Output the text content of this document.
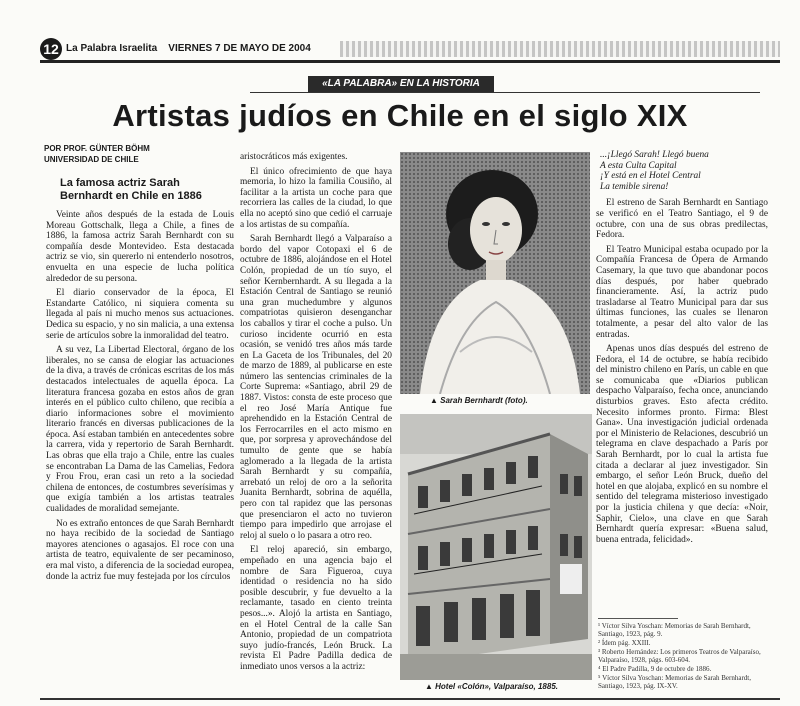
12 La Palabra Israelita VIERNES 7 DE MAYO DE 2004
«LA PALABRA» EN LA HISTORIA
Artistas judíos en Chile en el siglo XIX
POR PROF. GÜNTER BÖHM
UNIVERSIDAD DE CHILE
La famosa actriz Sarah Bernhardt en Chile en 1886

Veinte años después de la estada de Louis Moreau Gottschalk, llega a Chile, a fines de 1886, la famosa actriz Sarah Bernhardt con su compañía desde Montevideo. Esta destacada actriz se vio, sin quererlo ni entenderlo nosotros, envuelta en una especie de lucha política alrededor de su persona.

El diario conservador de la época, El Estandarte Católico, ni siquiera comenta su llegada al país ni mucho menos sus actuaciones. Dedica su espacio, y no sin malicia, a una extensa serie de artículos sobre la inmoralidad del teatro.

A su vez, La Libertad Electoral, órgano de los liberales, no se cansa de elogiar las actuaciones de la diva, a través de crónicas escritas de los más destacados intelectuales de aquella época. La literatura francesa gozaba en estos años de gran interés en el público culto chileno, que recibía a diario informaciones sobre el movimiento literario francés en diversas publicaciones de la época. Así estaban también en antecedentes sobre la carrera, vida y repertorio de Sarah Bernhardt. Las obras que ella trajo a Chile, entre las cuales se encontraban La Dama de las Camelias, Fedora y Frou Frou, eran casi un reto a la sociedad chilena de entonces, de costumbres severísimas y que exigía también a los artistas teatrales cualidades de moralidad semejante.

No es extraño entonces de que Sarah Bernhardt no haya recibido de la sociedad de Santiago mayores atenciones o agasajos. El roce con una artista de teatro, equivalente de ser pecaminoso, era mal visto, a diferencia de la sociedad europea, donde la actriz fue muy festejada por los círculos

aristocráticos más exigentes.

El único ofrecimiento de que haya memoria, lo hizo la familia Cousiño, al facilitar a la artista un coche para que recorriera las calles de la ciudad, lo que ella no aceptó sino que cedió el carruaje a los artistas de su compañía.

Sarah Bernhardt llegó a Valparaíso a bordo del vapor Cotopaxi el 6 de octubre de 1886, alojándose en el Hotel Colón, propiedad de un tío suyo, el señor Kernbernhardt. A su llegada a la Estación Central de Santiago se reunió una gran muchedumbre y algunos compatriotas quisieron desenganchar los caballos y tirar el coche a pulso. Un curioso incidente ocurrió en esta ocasión, se venidó tres años más tarde en La Gaceta de los Tribunales, del 20 de marzo de 1889, al publicarse en este número las sentencias criminales de la Corte Suprema: «Santiago, abril 29 de 1887. Vistos: consta de este proceso que el reo José María Antique fue aprehendido en la Estación Central de los Ferrocarriles en el acto mismo en que, por sorpresa y aprovechándose del tumulto de gente que se había aglomerado a la llegada de la artista Sarah Bernhardt y su compañía, arrebató un reloj de oro a la señorita Juanita Bernhardt, sobrina de aquélla, pero con tal rapidez que las personas que presenciaron el acto no tuvieron tiempo para impedirlo que arrojase el reloj al suelo o lo pasara a otro reo.

El reloj apareció, sin embargo, empeñado en una agencia bajo el nombre de Sara Figueroa, cuya identidad o residencia no ha sido posible descubrir, y fue devuelto a la reclamante, tasado en ciento treinta pesos...». Alojó la artista en Santiago, en el Hotel Central de la calle San Antonio, propiedad de un compatriota suyo judío-francés, León Bruck. La revista El Padre Padilla dedica de inmediato unos versos a la actriz:

▲ Sarah Bernhardt (foto).
▲ Hotel «Colón», Valparaíso, 1885.
...¡Llegó Sarah! Llegó buena
A esta Culta Capital
¡Y está en el Hotel Central
La temible sirena!

El estreno de Sarah Bernhardt en Santiago se verificó en el Teatro Santiago, el 9 de octubre, con una de sus obras predilectas, Fedora.

El Teatro Municipal estaba ocupado por la Compañía Francesa de Ópera de Armando Casemary, la que tuvo que abandonar pocos días después, por haber quebrado financieramente. Así, la actriz pudo trasladarse al Teatro Municipal para dar sus últimas funciones, las cuales se llenaron totalmente, a pesar del alto valor de las entradas.

Apenas unos días después del estreno de Fedora, el 14 de octubre, se había recibido del ministro chileno en París, un cable en que se comunicaba que «Diarios publican despacho Valparaíso, fecha once, anunciando disturbios graves. Esto afecta crédito. Necesito informes pronto. Firma: Blest Gana». Una investigación judicial ordenada por el Ministerio de Relaciones, descubrió un telegrama en clave despachado a París por Sarah Bernhardt, por lo cual la artista fue citada a declarar al juez investigador. Sin embargo, el señor León Bruck, dueño del hotel en que alojaba, explicó en su nombre el sentido del telegrama misterioso investigado por la justicia chilena y que decía: «Noir, Saphir, Cielo», una clave en que Sarah Bernhardt quería expresar: «Buena salud, buena entrada, felicidad».

¹ Víctor Silva Yoschan: Memorias de Sarah Bernhardt, Santiago, 1923, pág. 9.
² Ídem pág. XXIII.
³ Roberto Hernández: Los primeros Teatros de Valparaíso, Valparaíso, 1928, págs. 603-604.
⁴ El Padre Padilla, 9 de octubre de 1886.
⁵ Víctor Silva Yoschan: Memorias de Sarah Bernhardt, Santiago, 1923, pág. IX-XV.
